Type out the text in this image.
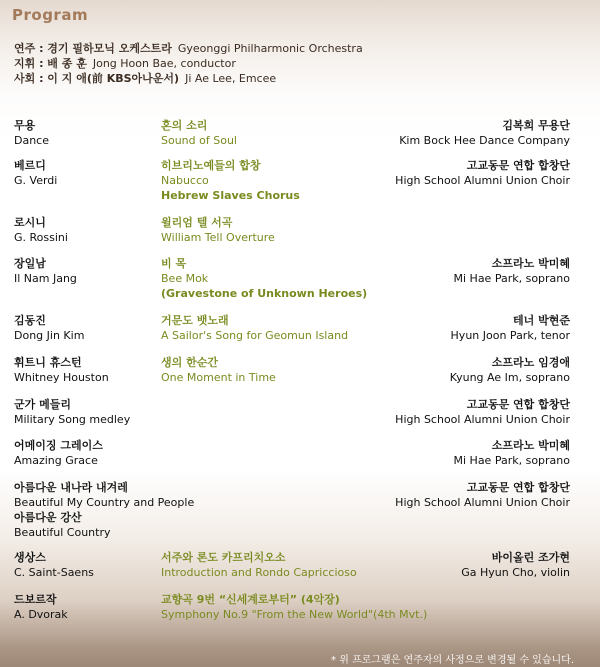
Program
연주 : 경기 필하모닉 오케스트라 Gyeonggi Philharmonic Orchestra
지휘 : 배 종 훈 Jong Hoon Bae, conductor
사회 : 이 지 애(前 KBS아나운서) Ji Ae Lee, Emcee
무용
Dance
혼의 소리
Sound of Soul
김복희 무용단
Kim Bock Hee Dance Company
베르디
G. Verdi
히브리노예들의 합창
Nabucco
Hebrew Slaves Chorus
고교동문 연합 합창단
High School Alumni Union Choir
로시니
G. Rossini
윌리엄 텔 서곡
William Tell Overture
장일남
Il Nam Jang
비 목
Bee Mok
(Gravestone of Unknown Heroes)
소프라노 박미혜
Mi Hae Park, soprano
김동진
Dong Jin Kim
거문도 뱃노래
A Sailor's Song for Geomun Island
테너 박현준
Hyun Joon Park, tenor
휘트니 휴스턴
Whitney Houston
생의 한순간
One Moment in Time
소프라노 임경애
Kyung Ae Im, soprano
군가 메들리
Military Song medley
고교동문 연합 합창단
High School Alumni Union Choir
어메이징 그레이스
Amazing Grace
소프라노 박미혜
Mi Hae Park, soprano
아름다운 내나라 내겨레
Beautiful My Country and People
아름다운 강산
Beautiful Country
고교동문 연합 합창단
High School Alumni Union Choir
생상스
C. Saint-Saens
서주와 론도 카프리치오소
Introduction and Rondo Capriccioso
바이올린 조가현
Ga Hyun Cho, violin
드보르작
A. Dvorak
교향곡 9번 “신세계로부터” (4악장)
Symphony No.9 "From the New World"(4th Mvt.)
* 위 프로그램은 연주자의 사정으로 변경될 수 있습니다.
